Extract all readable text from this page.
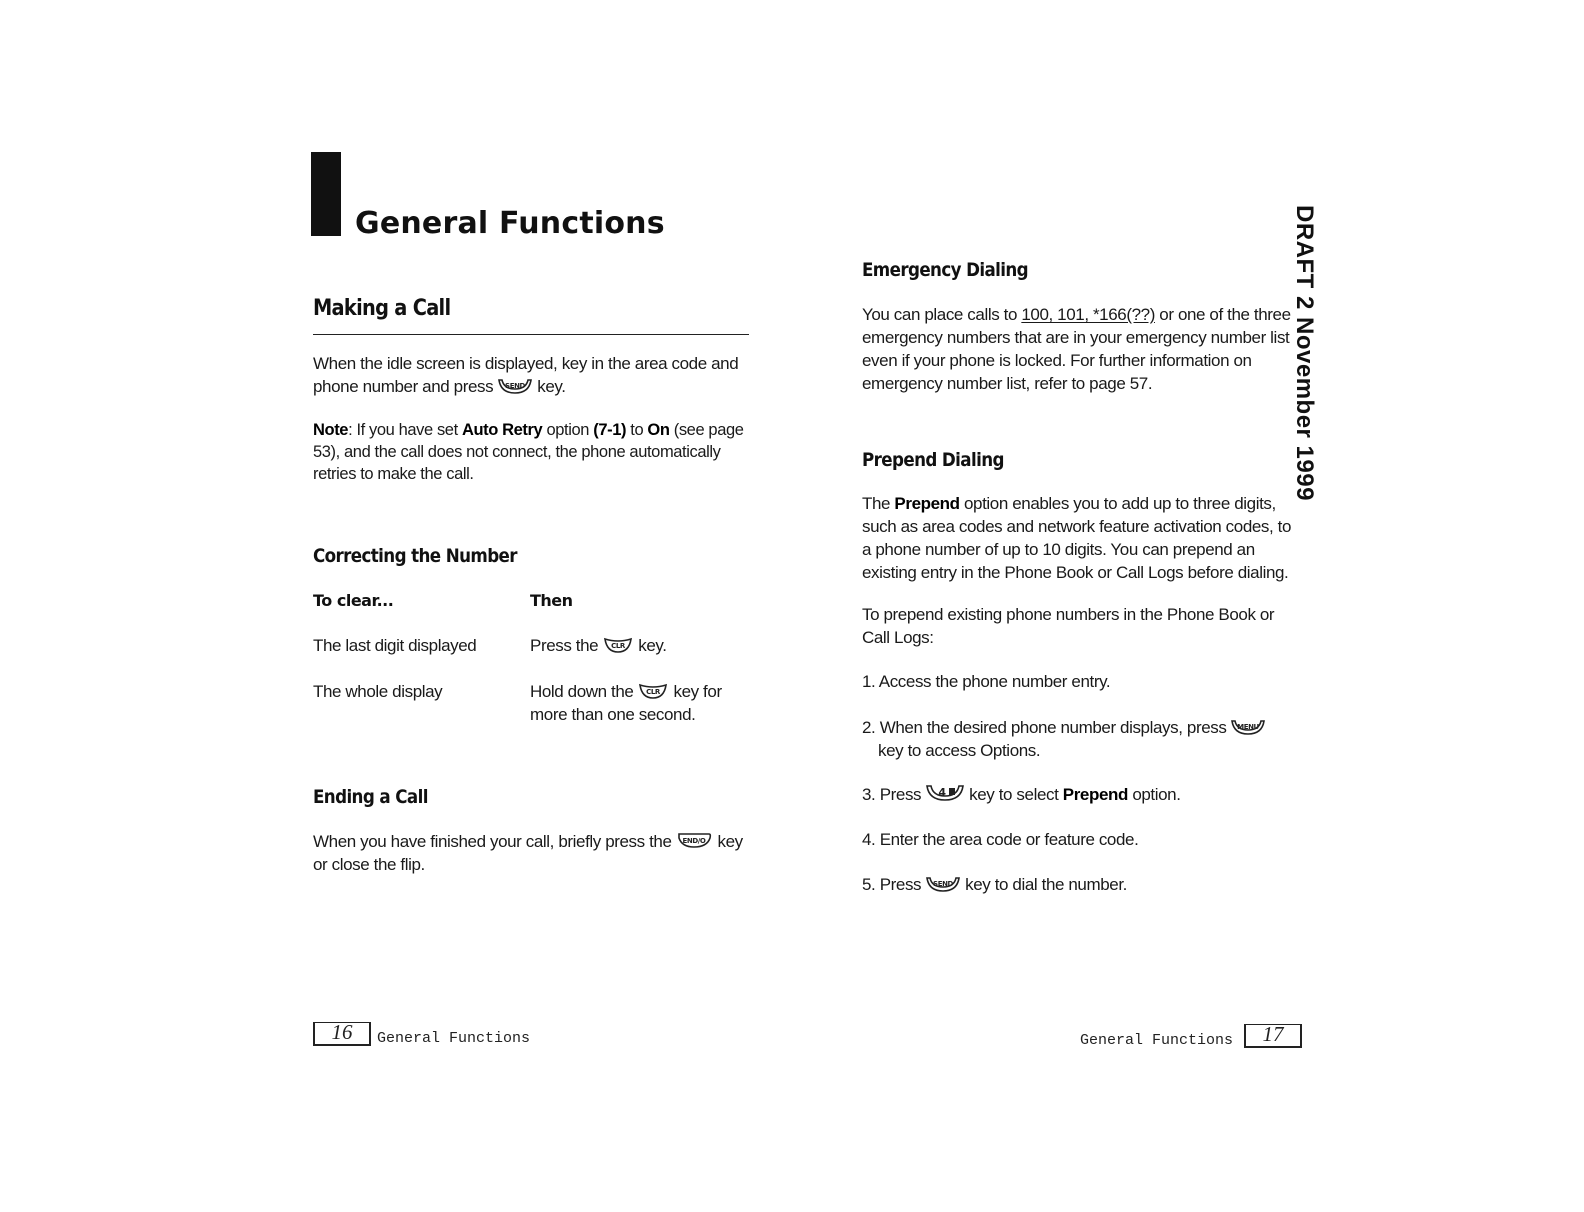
General Functions
Making a Call
When the idle screen is displayed, key in the area code and phone number and press SEND key.
Note: If you have set Auto Retry option (7-1) to On (see page 53), and the call does not connect, the phone automatically retries to make the call.
Correcting the Number
To clear...	Then
The last digit displayed	Press the CLR key.
The whole display	Hold down the CLR key for more than one second.
Ending a Call
When you have finished your call, briefly press the END/O key or close the flip.
16	General Functions
Emergency Dialing
You can place calls to 100, 101, *166(??) or one of the three emergency numbers that are in your emergency number list even if your phone is locked. For further information on emergency number list, refer to page 57.
Prepend Dialing
The Prepend option enables you to add up to three digits, such as area codes and network feature activation codes, to a phone number of up to 10 digits. You can prepend an existing entry in the Phone Book or Call Logs before dialing.
To prepend existing phone numbers in the Phone Book or Call Logs:
1. Access the phone number entry.
2. When the desired phone number displays, press MENU

key to access Options.
3. Press 4 key to select Prepend option.
4. Enter the area code or feature code.
5. Press SEND key to dial the number.
DRAFT 2 November 1999
General Functions	17
